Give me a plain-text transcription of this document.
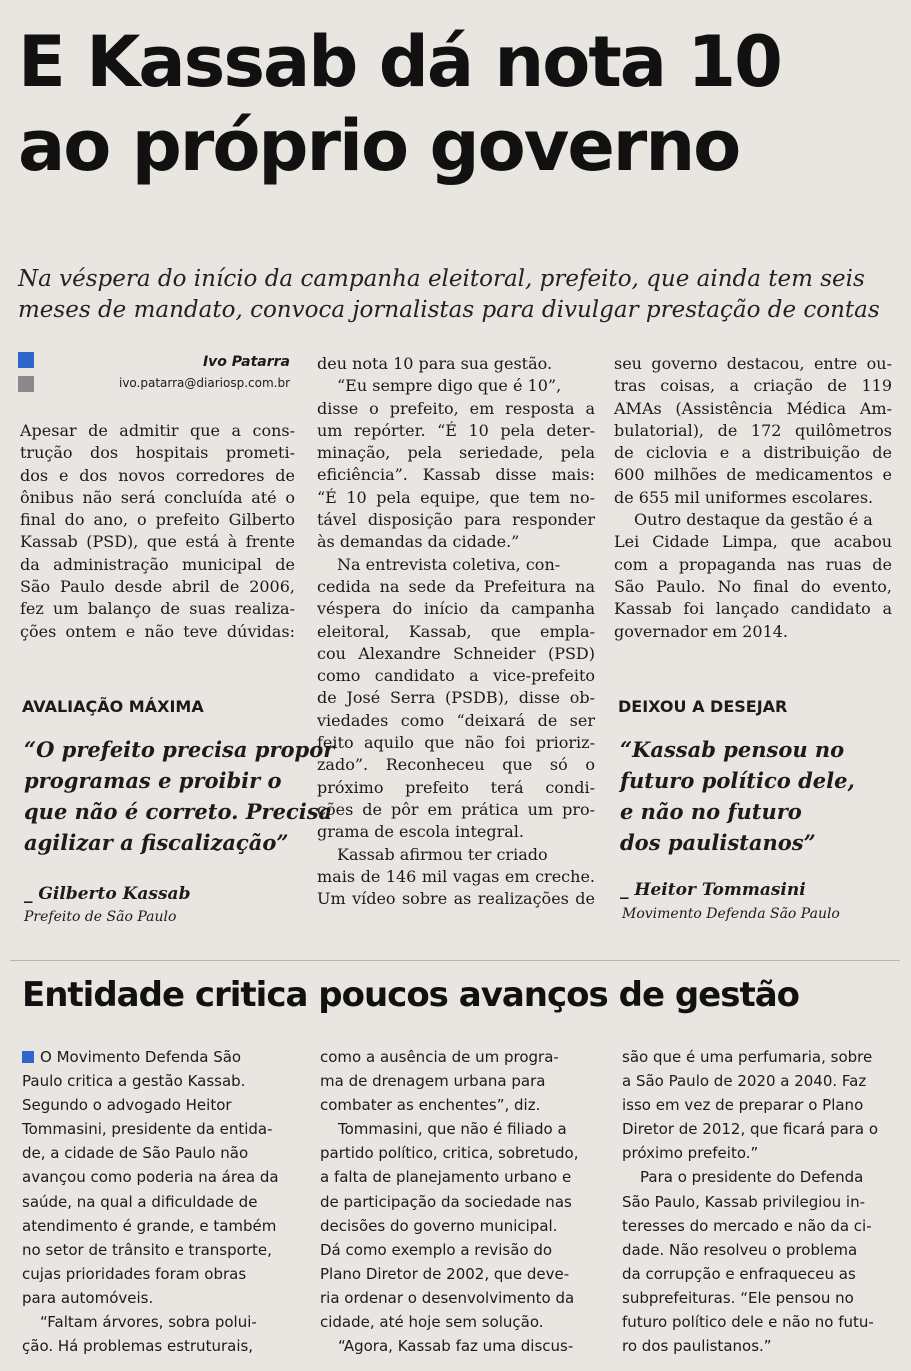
E Kassab dá nota 10
ao próprio governo
Na véspera do início da campanha eleitoral, prefeito, que ainda tem seis
meses de mandato, convoca jornalistas para divulgar prestação de contas
Ivo Patarra
ivo.patarra@diariosp.com.br
Apesar de admitir que a cons-
trução dos hospitais prometi-
dos e dos novos corredores de
ônibus não será concluída até o
final do ano, o prefeito Gilberto
Kassab (PSD), que está à frente
da administração municipal de
São Paulo desde abril de 2006,
fez um balanço de suas realiza-
ções ontem e não teve dúvidas:
deu nota 10 para sua gestão.
“Eu sempre digo que é 10”,
disse o prefeito, em resposta a
um repórter. “É 10 pela deter-
minação, pela seriedade, pela
eficiência”. Kassab disse mais:
“É 10 pela equipe, que tem no-
tável disposição para responder
às demandas da cidade.”
Na entrevista coletiva, con-
cedida na sede da Prefeitura na
véspera do início da campanha
eleitoral, Kassab, que empla-
cou Alexandre Schneider (PSD)
como candidato a vice-prefeito
de José Serra (PSDB), disse ob-
viedades como “deixará de ser
feito aquilo que não foi prioriz-
zado”. Reconheceu que só o
próximo prefeito terá condi-
ções de pôr em prática um pro-
grama de escola integral.
Kassab afirmou ter criado
mais de 146 mil vagas em creche.
Um vídeo sobre as realizações de
seu governo destacou, entre ou-
tras coisas, a criação de 119
AMAs (Assistência Médica Am-
bulatorial), de 172 quilômetros
de ciclovia e a distribuição de
600 milhões de medicamentos e
de 655 mil uniformes escolares.
Outro destaque da gestão é a
Lei Cidade Limpa, que acabou
com a propaganda nas ruas de
São Paulo. No final do evento,
Kassab foi lançado candidato a
governador em 2014.
AVALIAÇÃO MÁXIMA
“O prefeito precisa propor
programas e proibir o
que não é correto. Precisa
agilizar a fiscalização”
_ Gilberto Kassab
Prefeito de São Paulo
DEIXOU A DESEJAR
“Kassab pensou no
futuro político dele,
e não no futuro
dos paulistanos”
_ Heitor Tommasini
Movimento Defenda São Paulo
Entidade critica poucos avanços de gestão
O Movimento Defenda São
Paulo critica a gestão Kassab.
Segundo o advogado Heitor
Tommasini, presidente da entida-
de, a cidade de São Paulo não
avançou como poderia na área da
saúde, na qual a dificuldade de
atendimento é grande, e também
no setor de trânsito e transporte,
cujas prioridades foram obras
para automóveis.
“Faltam árvores, sobra polui-
ção. Há problemas estruturais,
como a ausência de um progra-
ma de drenagem urbana para
combater as enchentes”, diz.
Tommasini, que não é filiado a
partido político, critica, sobretudo,
a falta de planejamento urbano e
de participação da sociedade nas
decisões do governo municipal.
Dá como exemplo a revisão do
Plano Diretor de 2002, que deve-
ria ordenar o desenvolvimento da
cidade, até hoje sem solução.
“Agora, Kassab faz uma discus-
são que é uma perfumaria, sobre
a São Paulo de 2020 a 2040. Faz
isso em vez de preparar o Plano
Diretor de 2012, que ficará para o
próximo prefeito.”
Para o presidente do Defenda
São Paulo, Kassab privilegiou in-
teresses do mercado e não da ci-
dade. Não resolveu o problema
da corrupção e enfraqueceu as
subprefeituras. “Ele pensou no
futuro político dele e não no futu-
ro dos paulistanos.”
